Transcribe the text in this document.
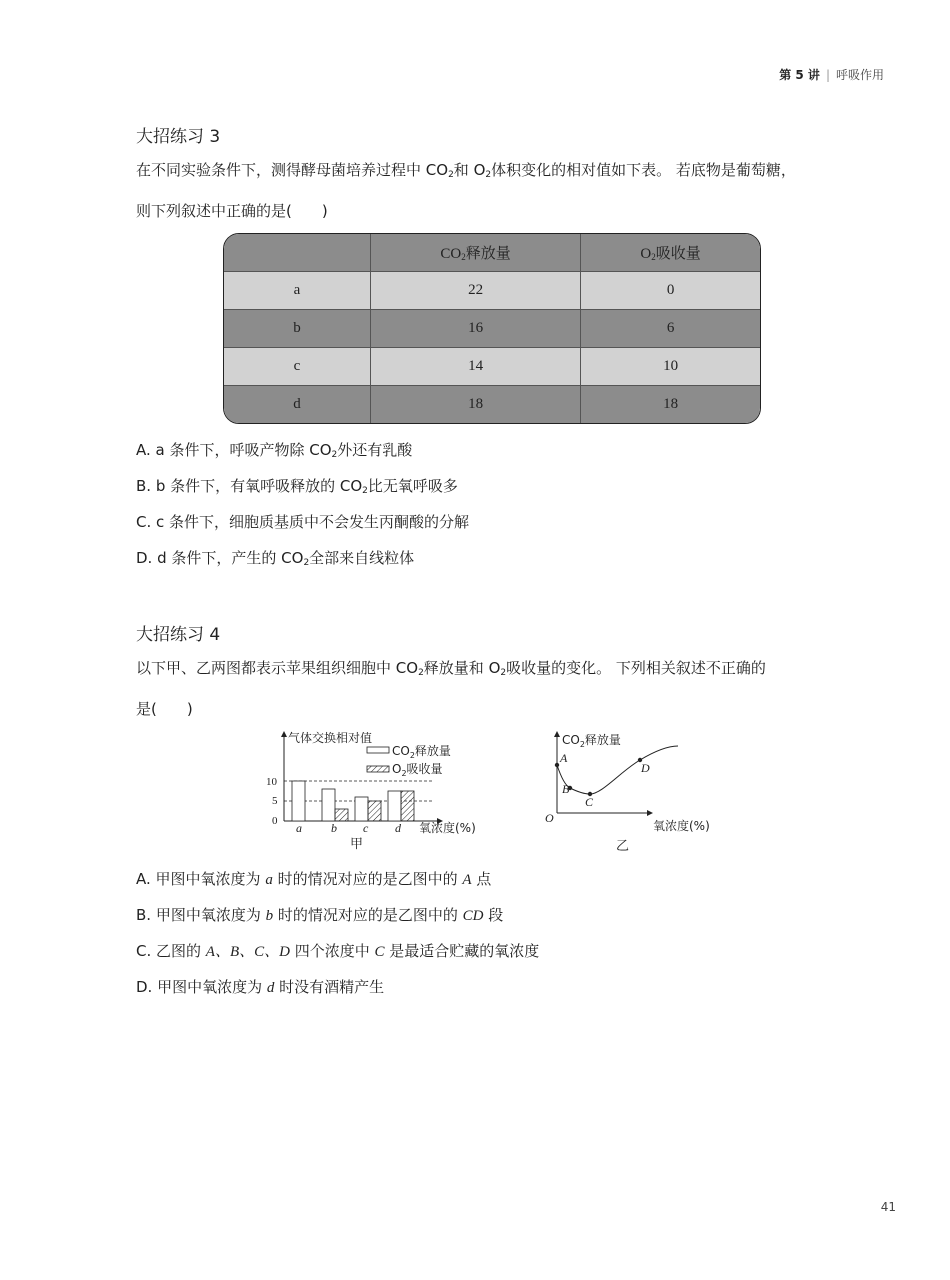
第 5 讲 | 呼吸作用
大招练习 3
在不同实验条件下，测得酵母菌培养过程中 $CO_2$和 $O_2$体积变化的相对值如下表。 若底物是葡萄糖，
则下列叙述中正确的是(　　)
	$CO_2$释放量	$O_2$吸收量
a	22	0
b	16	6
c	14	10
d	18	18
A. a 条件下，呼吸产物除 $CO_2$外还有乳酸
B. b 条件下，有氧呼吸释放的 $CO_2$比无氧呼吸多
C. c 条件下，细胞质基质中不会发生丙酮酸的分解
D. d 条件下，产生的 $CO_2$全部来自线粒体
大招练习 4
以下甲、乙两图都表示苹果组织细胞中 $CO_2$释放量和 $O_2$吸收量的变化。 下列相关叙述不正确的
是(　　)
气体交换相对值
$CO_2$释放量
$O_2$吸收量
10
5
0 a b c d 氧浓度(%)
甲
$CO_2$释放量
A
B
C
D
O
氧浓度(%)
乙
A. 甲图中氧浓度为 a 时的情况对应的是乙图中的 A 点
B. 甲图中氧浓度为 b 时的情况对应的是乙图中的 CD 段
C. 乙图的 A、B、C、D 四个浓度中 C 是最适合贮藏的氧浓度
D. 甲图中氧浓度为 d 时没有酒精产生
41
